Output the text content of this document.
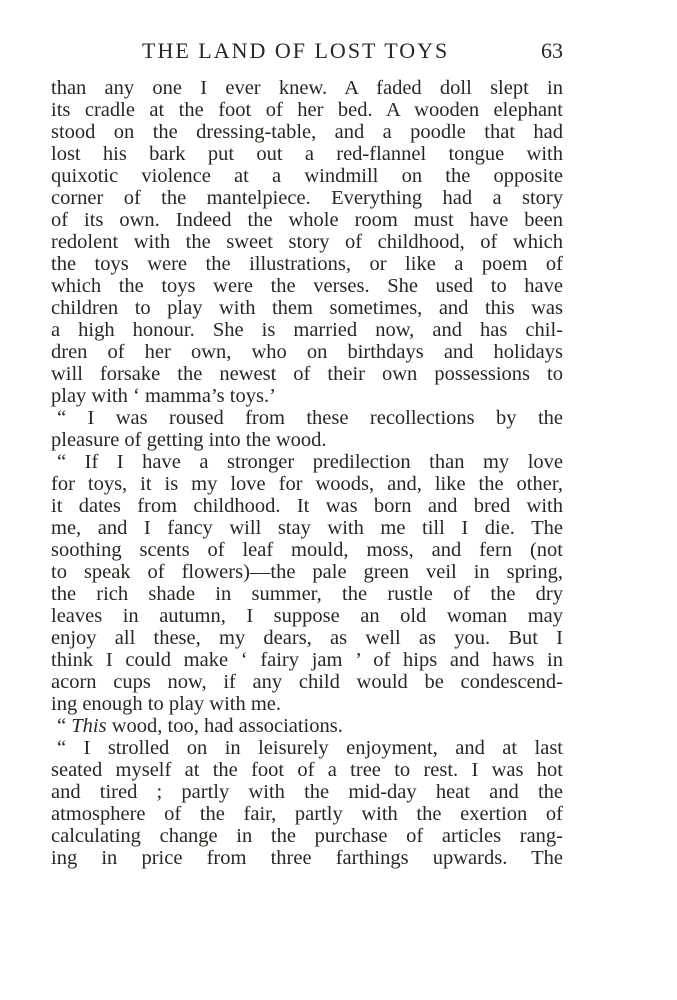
THE LAND OF LOST TOYS	63
than any one I ever knew. A faded doll slept in
its cradle at the foot of her bed. A wooden elephant
stood on the dressing-table, and a poodle that had
lost his bark put out a red-flannel tongue with
quixotic violence at a windmill on the opposite
corner of the mantelpiece. Everything had a story
of its own. Indeed the whole room must have been
redolent with the sweet story of childhood, of which
the toys were the illustrations, or like a poem of
which the toys were the verses. She used to have
children to play with them sometimes, and this was
a high honour. She is married now, and has chil-
dren of her own, who on birthdays and holidays
will forsake the newest of their own possessions to
play with ‘ mamma’s toys.’
“ I was roused from these recollections by the
pleasure of getting into the wood.
“ If I have a stronger predilection than my love
for toys, it is my love for woods, and, like the other,
it dates from childhood. It was born and bred with
me, and I fancy will stay with me till I die. The
soothing scents of leaf mould, moss, and fern (not
to speak of flowers)—the pale green veil in spring,
the rich shade in summer, the rustle of the dry
leaves in autumn, I suppose an old woman may
enjoy all these, my dears, as well as you. But I
think I could make ‘ fairy jam ’ of hips and haws in
acorn cups now, if any child would be condescend-
ing enough to play with me.
“ This wood, too, had associations.
“ I strolled on in leisurely enjoyment, and at last
seated myself at the foot of a tree to rest. I was hot
and tired ; partly with the mid-day heat and the
atmosphere of the fair, partly with the exertion of
calculating change in the purchase of articles rang-
ing in price from three farthings upwards. The
